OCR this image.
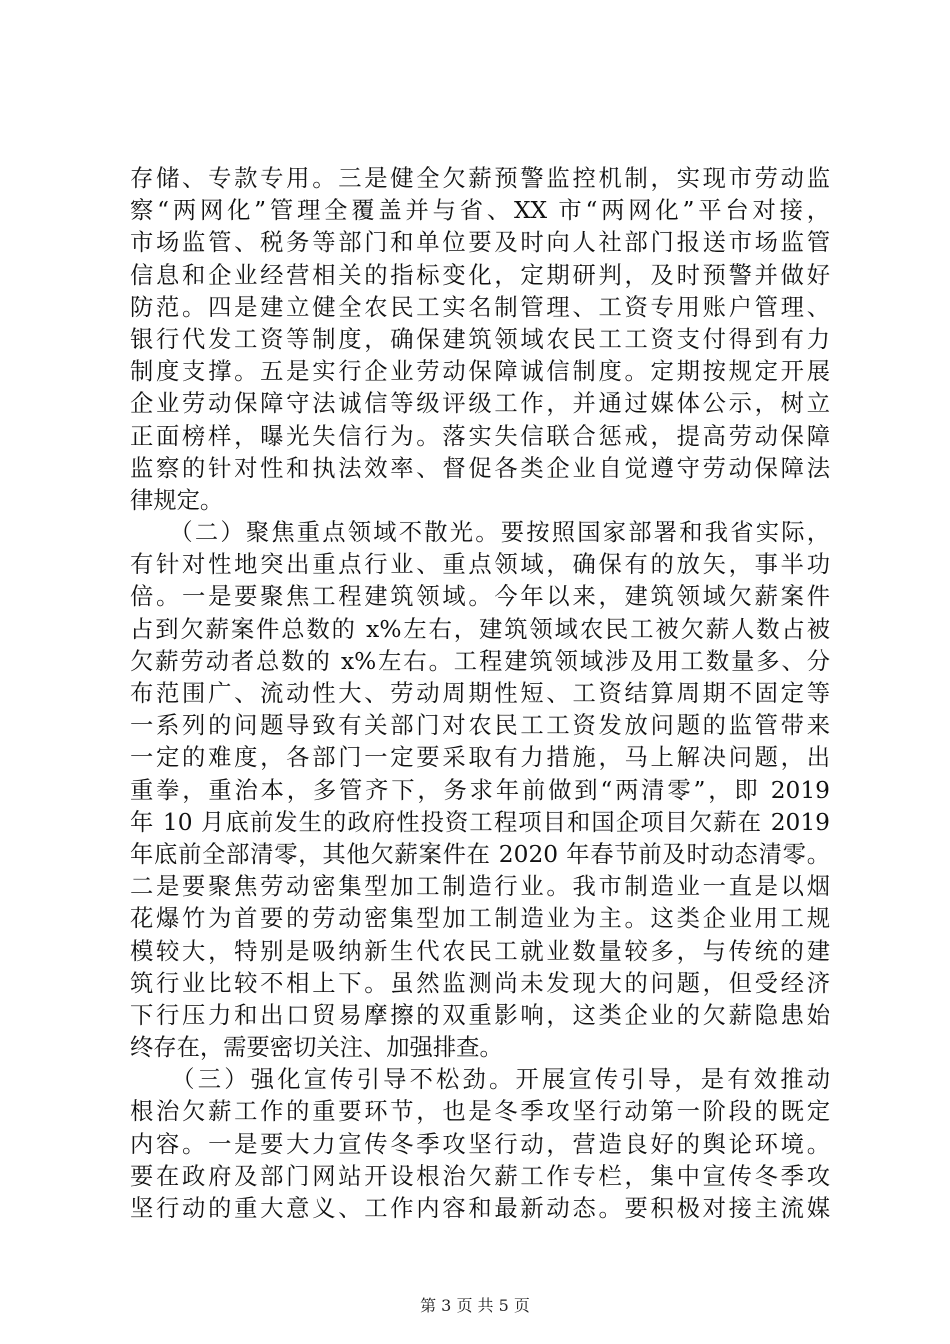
存储、专款专用。三是健全欠薪预警监控机制，实现市劳动监
察“两网化”管理全覆盖并与省、XX 市“两网化”平台对接，
市场监管、税务等部门和单位要及时向人社部门报送市场监管
信息和企业经营相关的指标变化，定期研判，及时预警并做好
防范。四是建立健全农民工实名制管理、工资专用账户管理、
银行代发工资等制度，确保建筑领域农民工工资支付得到有力
制度支撑。五是实行企业劳动保障诚信制度。定期按规定开展
企业劳动保障守法诚信等级评级工作，并通过媒体公示，树立
正面榜样，曝光失信行为。落实失信联合惩戒，提高劳动保障
监察的针对性和执法效率、督促各类企业自觉遵守劳动保障法
律规定。
　　（二）聚焦重点领域不散光。要按照国家部署和我省实际，
有针对性地突出重点行业、重点领域，确保有的放矢，事半功
倍。一是要聚焦工程建筑领域。今年以来，建筑领域欠薪案件
占到欠薪案件总数的 x%左右，建筑领域农民工被欠薪人数占被
欠薪劳动者总数的 x%左右。工程建筑领域涉及用工数量多、分
布范围广、流动性大、劳动周期性短、工资结算周期不固定等
一系列的问题导致有关部门对农民工工资发放问题的监管带来
一定的难度，各部门一定要采取有力措施，马上解决问题，出
重拳，重治本，多管齐下，务求年前做到“两清零”，即 2019
年 10 月底前发生的政府性投资工程项目和国企项目欠薪在 2019
年底前全部清零，其他欠薪案件在 2020 年春节前及时动态清零。
二是要聚焦劳动密集型加工制造行业。我市制造业一直是以烟
花爆竹为首要的劳动密集型加工制造业为主。这类企业用工规
模较大，特别是吸纳新生代农民工就业数量较多，与传统的建
筑行业比较不相上下。虽然监测尚未发现大的问题，但受经济
下行压力和出口贸易摩擦的双重影响，这类企业的欠薪隐患始
终存在，需要密切关注、加强排查。
　　（三）强化宣传引导不松劲。开展宣传引导，是有效推动
根治欠薪工作的重要环节，也是冬季攻坚行动第一阶段的既定
内容。一是要大力宣传冬季攻坚行动，营造良好的舆论环境。
要在政府及部门网站开设根治欠薪工作专栏，集中宣传冬季攻
坚行动的重大意义、工作内容和最新动态。要积极对接主流媒
第 3 页 共 5 页
